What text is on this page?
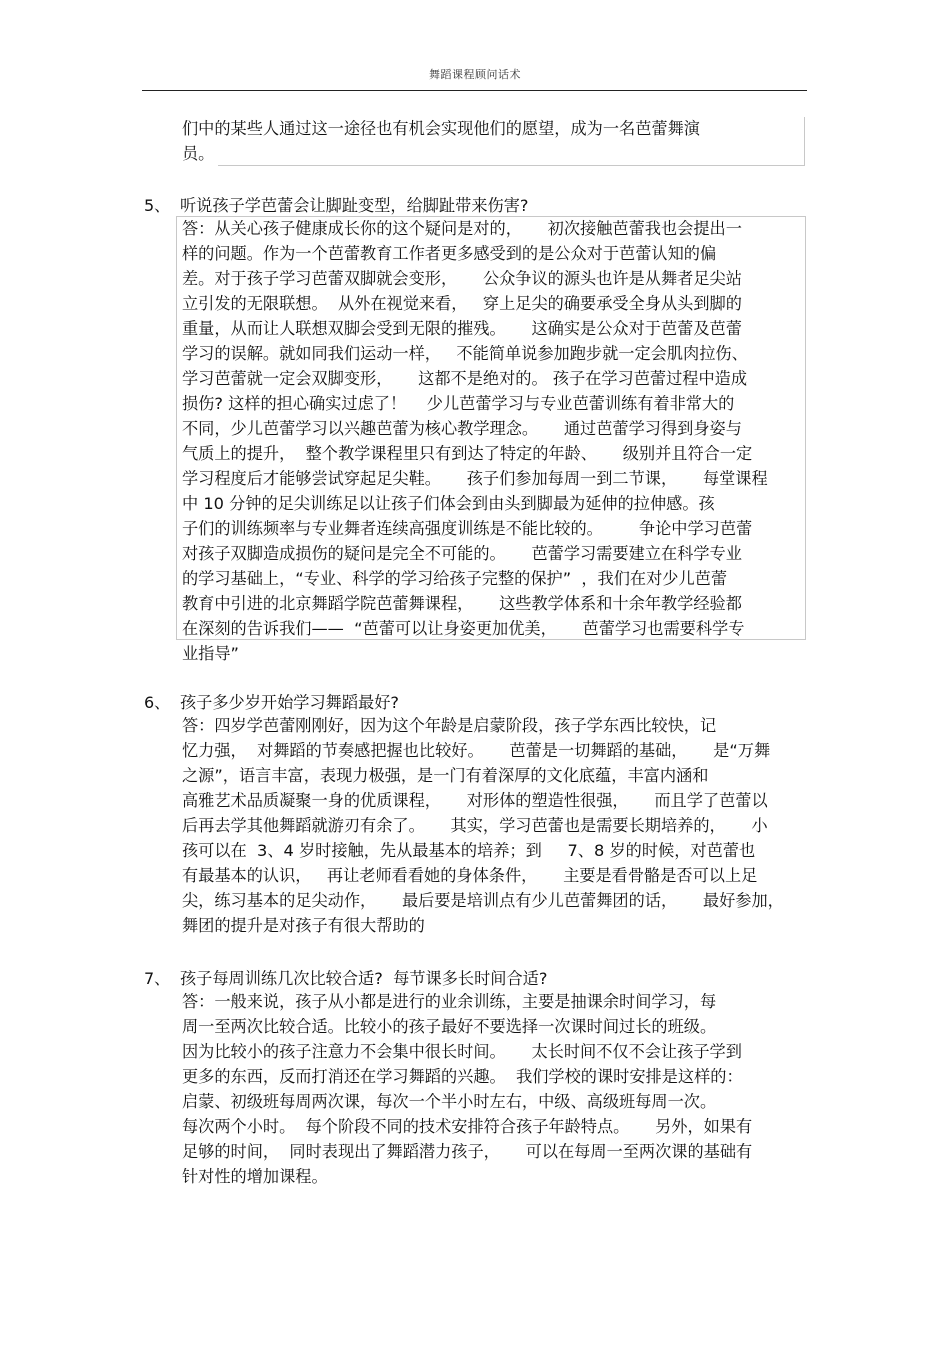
舞蹈课程顾问话术
们中的某些人通过这一途径也有机会实现他们的愿望，成为一名芭蕾舞演
员。
5、 听说孩子学芭蕾会让脚趾变型，给脚趾带来伤害?
答：从关心孩子健康成长你的这个疑问是对的，     初次接触芭蕾我也会提出一
样的问题。作为一个芭蕾教育工作者更多感受到的是公众对于芭蕾认知的偏
差。对于孩子学习芭蕾双脚就会变形，     公众争议的源头也许是从舞者足尖站
立引发的无限联想。  从外在视觉来看，   穿上足尖的确要承受全身从头到脚的
重量，从而让人联想双脚会受到无限的摧残。     这确实是公众对于芭蕾及芭蕾
学习的误解。就如同我们运动一样，   不能简单说参加跑步就一定会肌肉拉伤、
学习芭蕾就一定会双脚变形，     这都不是绝对的。 孩子在学习芭蕾过程中造成
损伤? 这样的担心确实过虑了！    少儿芭蕾学习与专业芭蕾训练有着非常大的
不同，少儿芭蕾学习以兴趣芭蕾为核心教学理念。     通过芭蕾学习得到身姿与
气质上的提升，  整个教学课程里只有到达了特定的年龄、     级别并且符合一定
学习程度后才能够尝试穿起足尖鞋。     孩子们参加每周一到二节课，     每堂课程
中 10 分钟的足尖训练足以让孩子们体会到由头到脚最为延伸的拉伸感。孩
子们的训练频率与专业舞者连续高强度训练是不能比较的。       争论中学习芭蕾
对孩子双脚造成损伤的疑问是完全不可能的。     芭蕾学习需要建立在科学专业
的学习基础上，“专业、科学的学习给孩子完整的保护”  ，我们在对少儿芭蕾
教育中引进的北京舞蹈学院芭蕾舞课程，     这些教学体系和十余年教学经验都
在深刻的告诉我们——  “芭蕾可以让身姿更加优美，     芭蕾学习也需要科学专
业指导”
6、 孩子多少岁开始学习舞蹈最好?
答：四岁学芭蕾刚刚好，因为这个年龄是启蒙阶段，孩子学东西比较快，记
忆力强，  对舞蹈的节奏感把握也比较好。     芭蕾是一切舞蹈的基础，     是“万舞
之源”，语言丰富，表现力极强，是一门有着深厚的文化底蕴，丰富内涵和
高雅艺术品质凝聚一身的优质课程，     对形体的塑造性很强，     而且学了芭蕾以
后再去学其他舞蹈就游刃有余了。     其实，学习芭蕾也是需要长期培养的，     小
孩可以在  3、4 岁时接触，先从最基本的培养；到     7、8 岁的时候，对芭蕾也
有最基本的认识，   再让老师看看她的身体条件，     主要是看骨骼是否可以上足
尖，练习基本的足尖动作，     最后要是培训点有少儿芭蕾舞团的话，     最好参加，
舞团的提升是对孩子有很大帮助的
7、 孩子每周训练几次比较合适?  每节课多长时间合适?
答：一般来说，孩子从小都是进行的业余训练，主要是抽课余时间学习，每
周一至两次比较合适。比较小的孩子最好不要选择一次课时间过长的班级。
因为比较小的孩子注意力不会集中很长时间。     太长时间不仅不会让孩子学到
更多的东西，反而打消还在学习舞蹈的兴趣。  我们学校的课时安排是这样的：
启蒙、初级班每周两次课，每次一个半小时左右，中级、高级班每周一次。
每次两个小时。  每个阶段不同的技术安排符合孩子年龄特点。     另外，如果有
足够的时间，  同时表现出了舞蹈潜力孩子，     可以在每周一至两次课的基础有
针对性的增加课程。
